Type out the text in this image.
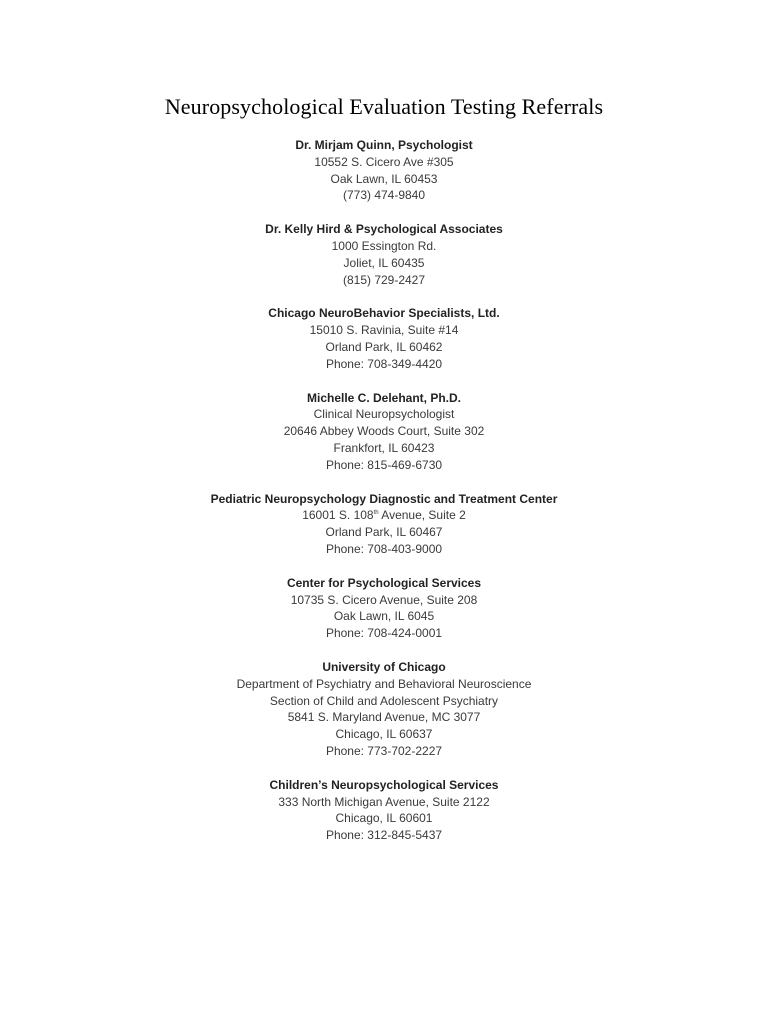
Neuropsychological Evaluation Testing Referrals
Dr. Mirjam Quinn, Psychologist
10552 S. Cicero Ave #305
Oak Lawn, IL 60453
(773) 474-9840
Dr. Kelly Hird & Psychological Associates
1000 Essington Rd.
Joliet, IL 60435
(815) 729-2427
Chicago NeuroBehavior Specialists, Ltd.
15010 S. Ravinia, Suite #14
Orland Park, IL 60462
Phone: 708-349-4420
Michelle C. Delehant, Ph.D.
Clinical Neuropsychologist
20646 Abbey Woods Court, Suite 302
Frankfort, IL 60423
Phone: 815-469-6730
Pediatric Neuropsychology Diagnostic and Treatment Center
16001 S. 108th Avenue, Suite 2
Orland Park, IL 60467
Phone: 708-403-9000
Center for Psychological Services
10735 S. Cicero Avenue, Suite 208
Oak Lawn, IL 6045
Phone: 708-424-0001
University of Chicago
Department of Psychiatry and Behavioral Neuroscience
Section of Child and Adolescent Psychiatry
5841 S. Maryland Avenue, MC 3077
Chicago, IL 60637
Phone: 773-702-2227
Children’s Neuropsychological Services
333 North Michigan Avenue, Suite 2122
Chicago, IL 60601
Phone: 312-845-5437
